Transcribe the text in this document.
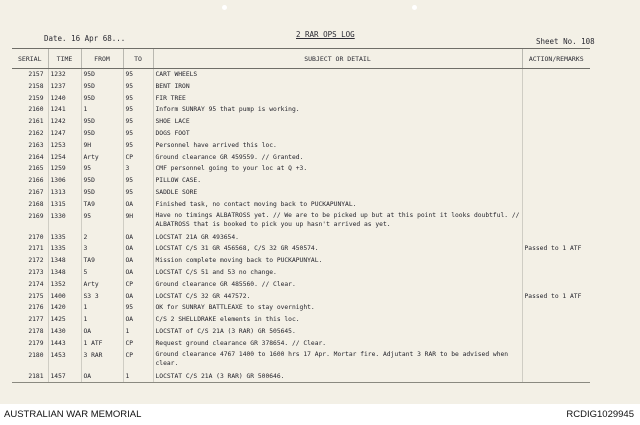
Date. 16 Apr 68...	2 RAR OPS LOG
Sheet No. 108
SERIAL	TIME	FROM	TO	SUBJECT OR DETAIL	ACTION/REMARKS
2157	1232	95D	95	CART WHEELS	
2158	1237	95D	95	BENT IRON	
2159	1240	95D	95	FIR TREE	
2160	1241	1	95	Inform SUNRAY 95 that pump is working.	
2161	1242	95D	95	SHOE LACE	
2162	1247	95D	95	DOGS FOOT	
2163	1253	9H	95	Personnel have arrived this loc.	
2164	1254	Arty	CP	Ground clearance GR 459559. // Granted.	
2165	1259	95	3	CMF personnel going to your loc at Q +3.	
2166	1306	95D	95	PILLOW CASE.	
2167	1313	95D	95	SADDLE SORE	
2168	1315	TA9	OA	Finished task, no contact moving back to PUCKAPUNYAL.	
2169	1330	95	9H	Have no timings ALBATROSS yet. // We are to be picked up but at this point it looks doubtful. // ALBATROSS that is booked to pick you up hasn't arrived as yet.	
2170	1335	2	OA	LOCSTAT 21A GR 493654.	
2171	1335	3	OA	LOCSTAT C/S 31 GR 456568, C/S 32 GR 450574.	Passed to 1 ATF
2172	1348	TA9	OA	Mission complete moving back to PUCKAPUNYAL.	
2173	1348	5	OA	LOCSTAT C/S 51 and 53 no change.	
2174	1352	Arty	CP	Ground clearance GR 485560. // Clear.	
2175	1400	S3 3	OA	LOCSTAT C/S 32 GR 447572.	Passed to 1 ATF
2176	1420	1	95	OK for SUNRAY BATTLEAXE to stay overnight.	
2177	1425	1	OA	C/S 2 SHELLDRAKE elements in this loc.	
2178	1430	OA	1	LOCSTAT of C/S 21A (3 RAR) GR 505645.	
2179	1443	1 ATF	CP	Request ground clearance GR 378654. // Clear.	
2180	1453	3 RAR	CP	Ground clearance 4767 1400 to 1600 hrs 17 Apr. Mortar fire. Adjutant 3 RAR to be advised when clear.	
2181	1457	OA	1	LOCSTAT C/S 21A (3 RAR) GR 500646.	
AUSTRALIAN WAR MEMORIAL	RCDIG1029945
